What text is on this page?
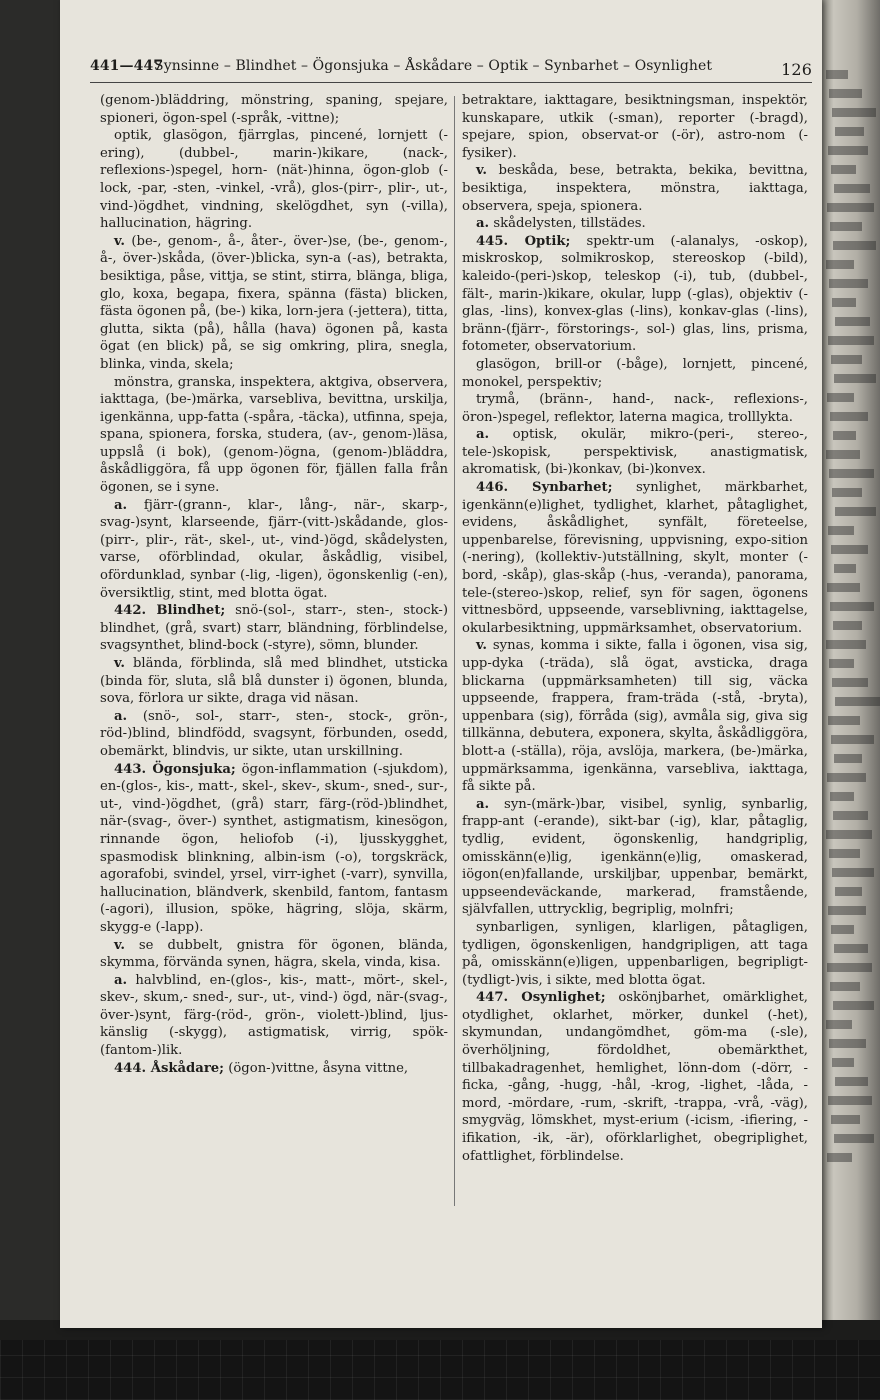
441—447
Synsinne – Blindhet – Ögonsjuka – Åskådare – Optik – Synbarhet – Osynlighet	126

(genom-)bläddring, mönstring, spaning, spejare, spioneri, ögon-spel (-språk, -vittne);

optik, glasögon, fjärrglas, pincené, lornjett (-ering), (dubbel-, marin-)kikare, (nack-, reflexions-)spegel, horn- (nät-)hinna, ögon-glob (-lock, -par, -sten, -vinkel, -vrå), glos-(pirr-, plir-, ut-, vind-)ögdhet, vindning, skelögdhet, syn (-villa), hallucination, hägring.

v. (be-, genom-, å-, åter-, över-)se, (be-, genom-, å-, över-)skåda, (över-)blicka, syn-a (-as), betrakta, besiktiga, påse, vittja, se stint, stirra, blänga, bliga, glo, koxa, begapa, fixera, spänna (fästa) blicken, fästa ögonen på, (be-) kika, lorn-jera (-jettera), titta, glutta, sikta (på), hålla (hava) ögonen på, kasta ögat (en blick) på, se sig omkring, plira, snegla, blinka, vinda, skela;

mönstra, granska, inspektera, aktgiva, observera, iakttaga, (be-)märka, varsebliva, bevittna, urskilja, igenkänna, upp-fatta (-spåra, -täcka), utfinna, speja, spana, spionera, forska, studera, (av-, genom-)läsa, uppslå (i bok), (genom-)ögna, (genom-)bläddra, åskådliggöra, få upp ögonen för, fjällen falla från ögonen, se i syne.

a. fjärr-(grann-, klar-, lång-, när-, skarp-, svag-)synt, klarseende, fjärr-(vitt-)skådande, glos-(pirr-, plir-, rät-, skel-, ut-, vind-)ögd, skådelysten, varse, oförblindad, okular, åskådlig, visibel, ofördunklad, synbar (-lig, -ligen), ögonskenlig (-en), översiktlig, stint, med blotta ögat.

442. Blindhet; snö-(sol-, starr-, sten-, stock-) blindhet, (grå, svart) starr, bländning, förblindelse, svagsynthet, blind-bock (-styre), sömn, blunder.

v. blända, förblinda, slå med blindhet, utsticka (binda för, sluta, slå blå dunster i) ögonen, blunda, sova, förlora ur sikte, draga vid näsan.

a. (snö-, sol-, starr-, sten-, stock-, grön-, röd-)blind, blindfödd, svagsynt, förbunden, osedd, obemärkt, blindvis, ur sikte, utan urskillning.

443. Ögonsjuka; ögon-inflammation (-sjukdom), en-(glos-, kis-, matt-, skel-, skev-, skum-, sned-, sur-, ut-, vind-)ögdhet, (grå) starr, färg-(röd-)blindhet, när-(svag-, över-) synthet, astigmatism, kinesögon, rinnande ögon, heliofob (-i), ljusskygghet, spasmodisk blinkning, albin-ism (-o), torgskräck, agorafobi, svindel, yrsel, virr-ighet (-varr), synvilla, hallucination, bländverk, skenbild, fantom, fantasm (-agori), illusion, spöke, hägring, slöja, skärm, skygg-e (-lapp).

v. se dubbelt, gnistra för ögonen, blända, skymma, förvända synen, hägra, skela, vinda, kisa.

a. halvblind, en-(glos-, kis-, matt-, mört-, skel-, skev-, skum,- sned-, sur-, ut-, vind-) ögd, när-(svag-, över-)synt, färg-(röd-, grön-, violett-)blind, ljus-känslig (-skygg), astigmatisk, virrig, spök-(fantom-)lik.

444. Åskådare; (ögon-)vittne, åsyna vittne,

betraktare, iakttagare, besiktningsman, inspektör, kunskapare, utkik (-sman), reporter (-bragd), spejare, spion, observat-or (-ör), astro-nom (-fysiker).

v. beskåda, bese, betrakta, bekika, bevittna, besiktiga, inspektera, mönstra, iakttaga, observera, speja, spionera.

a. skådelysten, tillstädes.

445. Optik; spektr-um (-alanalys, -oskop), miskroskop, solmikroskop, stereoskop (-bild), kaleido-(peri-)skop, teleskop (-i), tub, (dubbel-, fält-, marin-)kikare, okular, lupp (-glas), objektiv (-glas, -lins), konvex-glas (-lins), konkav-glas (-lins), bränn-(fjärr-, förstorings-, sol-) glas, lins, prisma, fotometer, observatorium.

glasögon, brill-or (-båge), lornjett, pincené, monokel, perspektiv;

trymå, (bränn-, hand-, nack-, reflexions-, öron-)spegel, reflektor, laterna magica, trolllykta.

a. optisk, okulär, mikro-(peri-, stereo-, tele-)skopisk, perspektivisk, anastigmatisk, akromatisk, (bi-)konkav, (bi-)konvex.

446. Synbarhet; synlighet, märkbarhet, igenkänn(e)lighet, tydlighet, klarhet, påtaglighet, evidens, åskådlighet, synfält, företeelse, uppenbarelse, förevisning, uppvisning, expo-sition (-nering), (kollektiv-)utställning, skylt, monter (-bord, -skåp), glas-skåp (-hus, -veranda), panorama, tele-(stereo-)skop, relief, syn för sagen, ögonens vittnesbörd, uppseende, varseblivning, iakttagelse, okularbesiktning, uppmärksamhet, observatorium.

v. synas, komma i sikte, falla i ögonen, visa sig, upp-dyka (-träda), slå ögat, avsticka, draga blickarna (uppmärksamheten) till sig, väcka uppseende, frappera, fram-träda (-stå, -bryta), uppenbara (sig), förråda (sig), avmåla sig, giva sig tillkänna, debutera, exponera, skylta, åskådliggöra, blott-a (-ställa), röja, avslöja, markera, (be-)märka, uppmärksamma, igenkänna, varsebliva, iakttaga, få sikte på.

a. syn-(märk-)bar, visibel, synlig, synbarlig, frapp-ant (-erande), sikt-bar (-ig), klar, påtaglig, tydlig, evident, ögonskenlig, handgriplig, omisskänn(e)lig, igenkänn(e)lig, omaskerad, iögon(en)fallande, urskiljbar, uppenbar, bemärkt, uppseendeväckande, markerad, framstående, självfallen, uttrycklig, begriplig, molnfri;

synbarligen, synligen, klarligen, påtagligen, tydligen, ögonskenligen, handgripligen, att taga på, omisskänn(e)ligen, uppenbarligen, begripligt-(tydligt-)vis, i sikte, med blotta ögat.

447. Osynlighet; oskönjbarhet, omärklighet, otydlighet, oklarhet, mörker, dunkel (-het), skymundan, undangömdhet, göm-ma (-sle), överhöljning, fördoldhet, obemärkthet, tillbakadragenhet, hemlighet, lönn-dom (-dörr, -ficka, -gång, -hugg, -hål, -krog, -lighet, -låda, -mord, -mördare, -rum, -skrift, -trappa, -vrå, -väg), smygväg, lömskhet, myst-erium (-icism, -ifiering, -ifikation, -ik, -är), oförklarlighet, obegriplighet, ofattlighet, förblindelse.
